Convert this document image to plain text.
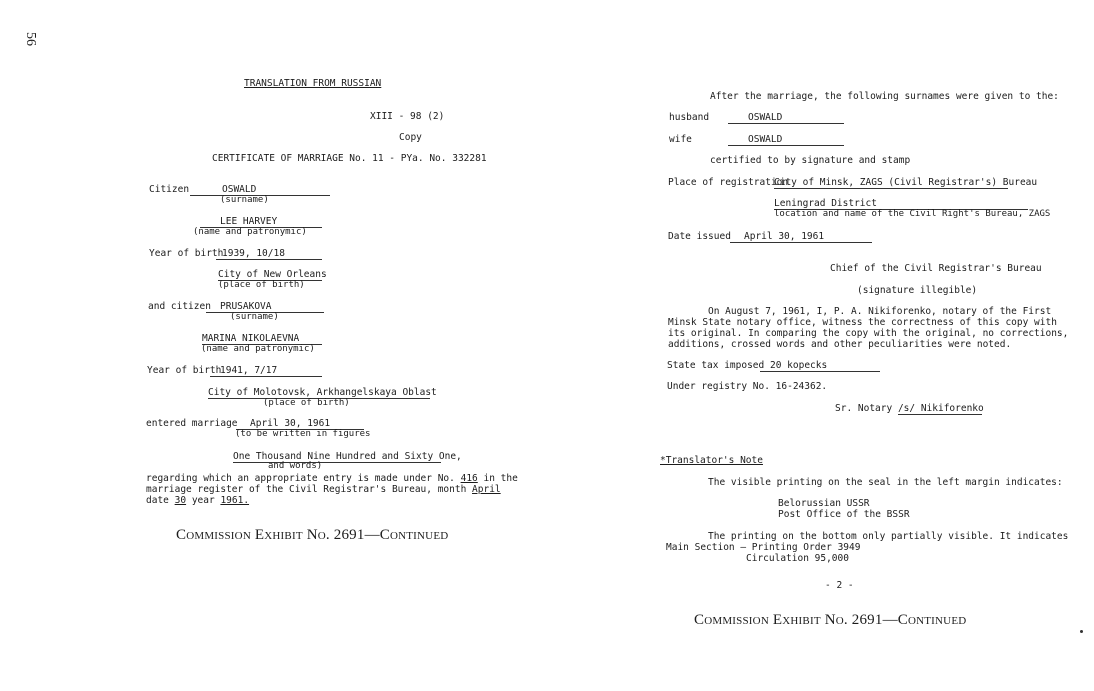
56
TRANSLATION FROM RUSSIAN
XIII - 98 (2)
Copy
CERTIFICATE OF MARRIAGE No. 11 - PYa. No. 332281
Citizen	OSWALD
(surname)
LEE HARVEY
(name and patronymic)
Year of birth
1939, 10/18
City of New Orleans
(place of birth)
and citizen PRUSAKOVA
(surname)
MARINA NIKOLAEVNA
(name and patronymic)
Year of birth
1941, 7/17
City of Molotovsk, Arkhangelskaya Oblast
(place of birth)
entered marriage	April 30, 1961
(to be written in figures
One Thousand Nine Hundred and Sixty One,
and words)
regarding which an appropriate entry is made under No. 416 in the
marriage register of the Civil Registrar's Bureau, month April
date 30 year 1961.
Commission Exhibit No. 2691—Continued
After the marriage, the following surnames were given to the:
husband	OSWALD
wife	OSWALD
certified to by signature and stamp
Place of registration
City of Minsk, ZAGS (Civil Registrar's) Bureau
Leningrad District
location and name of the Civil Right's Bureau, ZAGS
Date issued	April 30, 1961
Chief of the Civil Registrar's Bureau
(signature illegible)
On August 7, 1961, I, P. A. Nikiforenko, notary of the First
Minsk State notary office, witness the correctness of this copy with
its original. In comparing the copy with the original, no corrections,
additions, crossed words and other peculiarities were noted.
State tax imposed 20 kopecks
Under registry No. 16-24362.
Sr. Notary /s/ Nikiforenko
*Translator's Note
The visible printing on the seal in the left margin indicates:
Belorussian USSR
Post Office of the BSSR
The printing on the bottom only partially visible. It indicates
Main Section — Printing Order 3949
Circulation 95,000
- 2 -
Commission Exhibit No. 2691—Continued
